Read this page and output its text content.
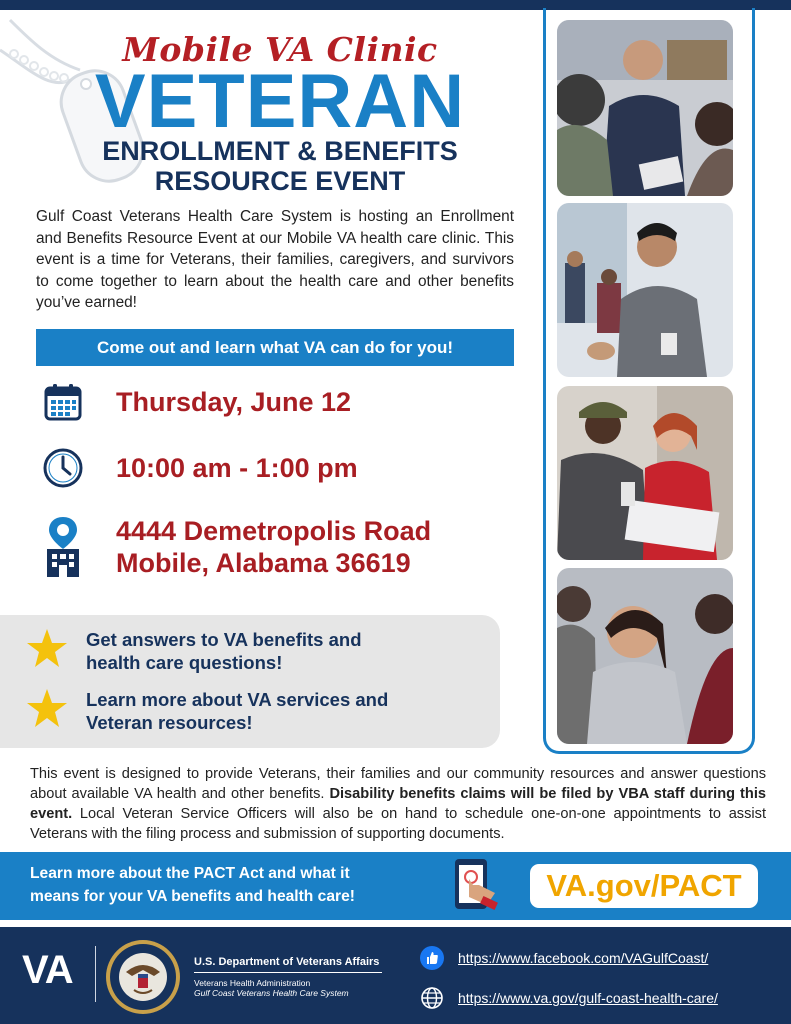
Mobile VA Clinic
VETERAN
ENROLLMENT & BENEFITS
RESOURCE EVENT

Gulf Coast Veterans Health Care System is hosting an Enrollment and Benefits Resource Event at our Mobile VA health care clinic. This event is a time for Veterans, their families, caregivers, and survivors to come together to learn about the health care and other benefits you’ve earned!

Come out and learn what VA can do for you!
Thursday, June 12
10:00 am - 1:00 pm
4444 Demetropolis Road
Mobile, Alabama 36619
Get answers to VA benefits and
health care questions!
Learn more about VA services and
Veteran resources!

This event is designed to provide Veterans, their families and our community resources and answer questions about available VA health and other benefits. Disability benefits claims will be filed by VBA staff during this event. Local Veteran Service Officers will also be on hand to schedule one-on-one appointments to assist Veterans with the filing process and submission of supporting documents.

Learn more about the PACT Act and what it
means for your VA benefits and health care!	VA.gov/PACT
VA	U.S. Department of Veterans Affairs
Veterans Health Administration
Gulf Coast Veterans Health Care System
https://www.facebook.com/VAGulfCoast/
https://www.va.gov/gulf-coast-health-care/
